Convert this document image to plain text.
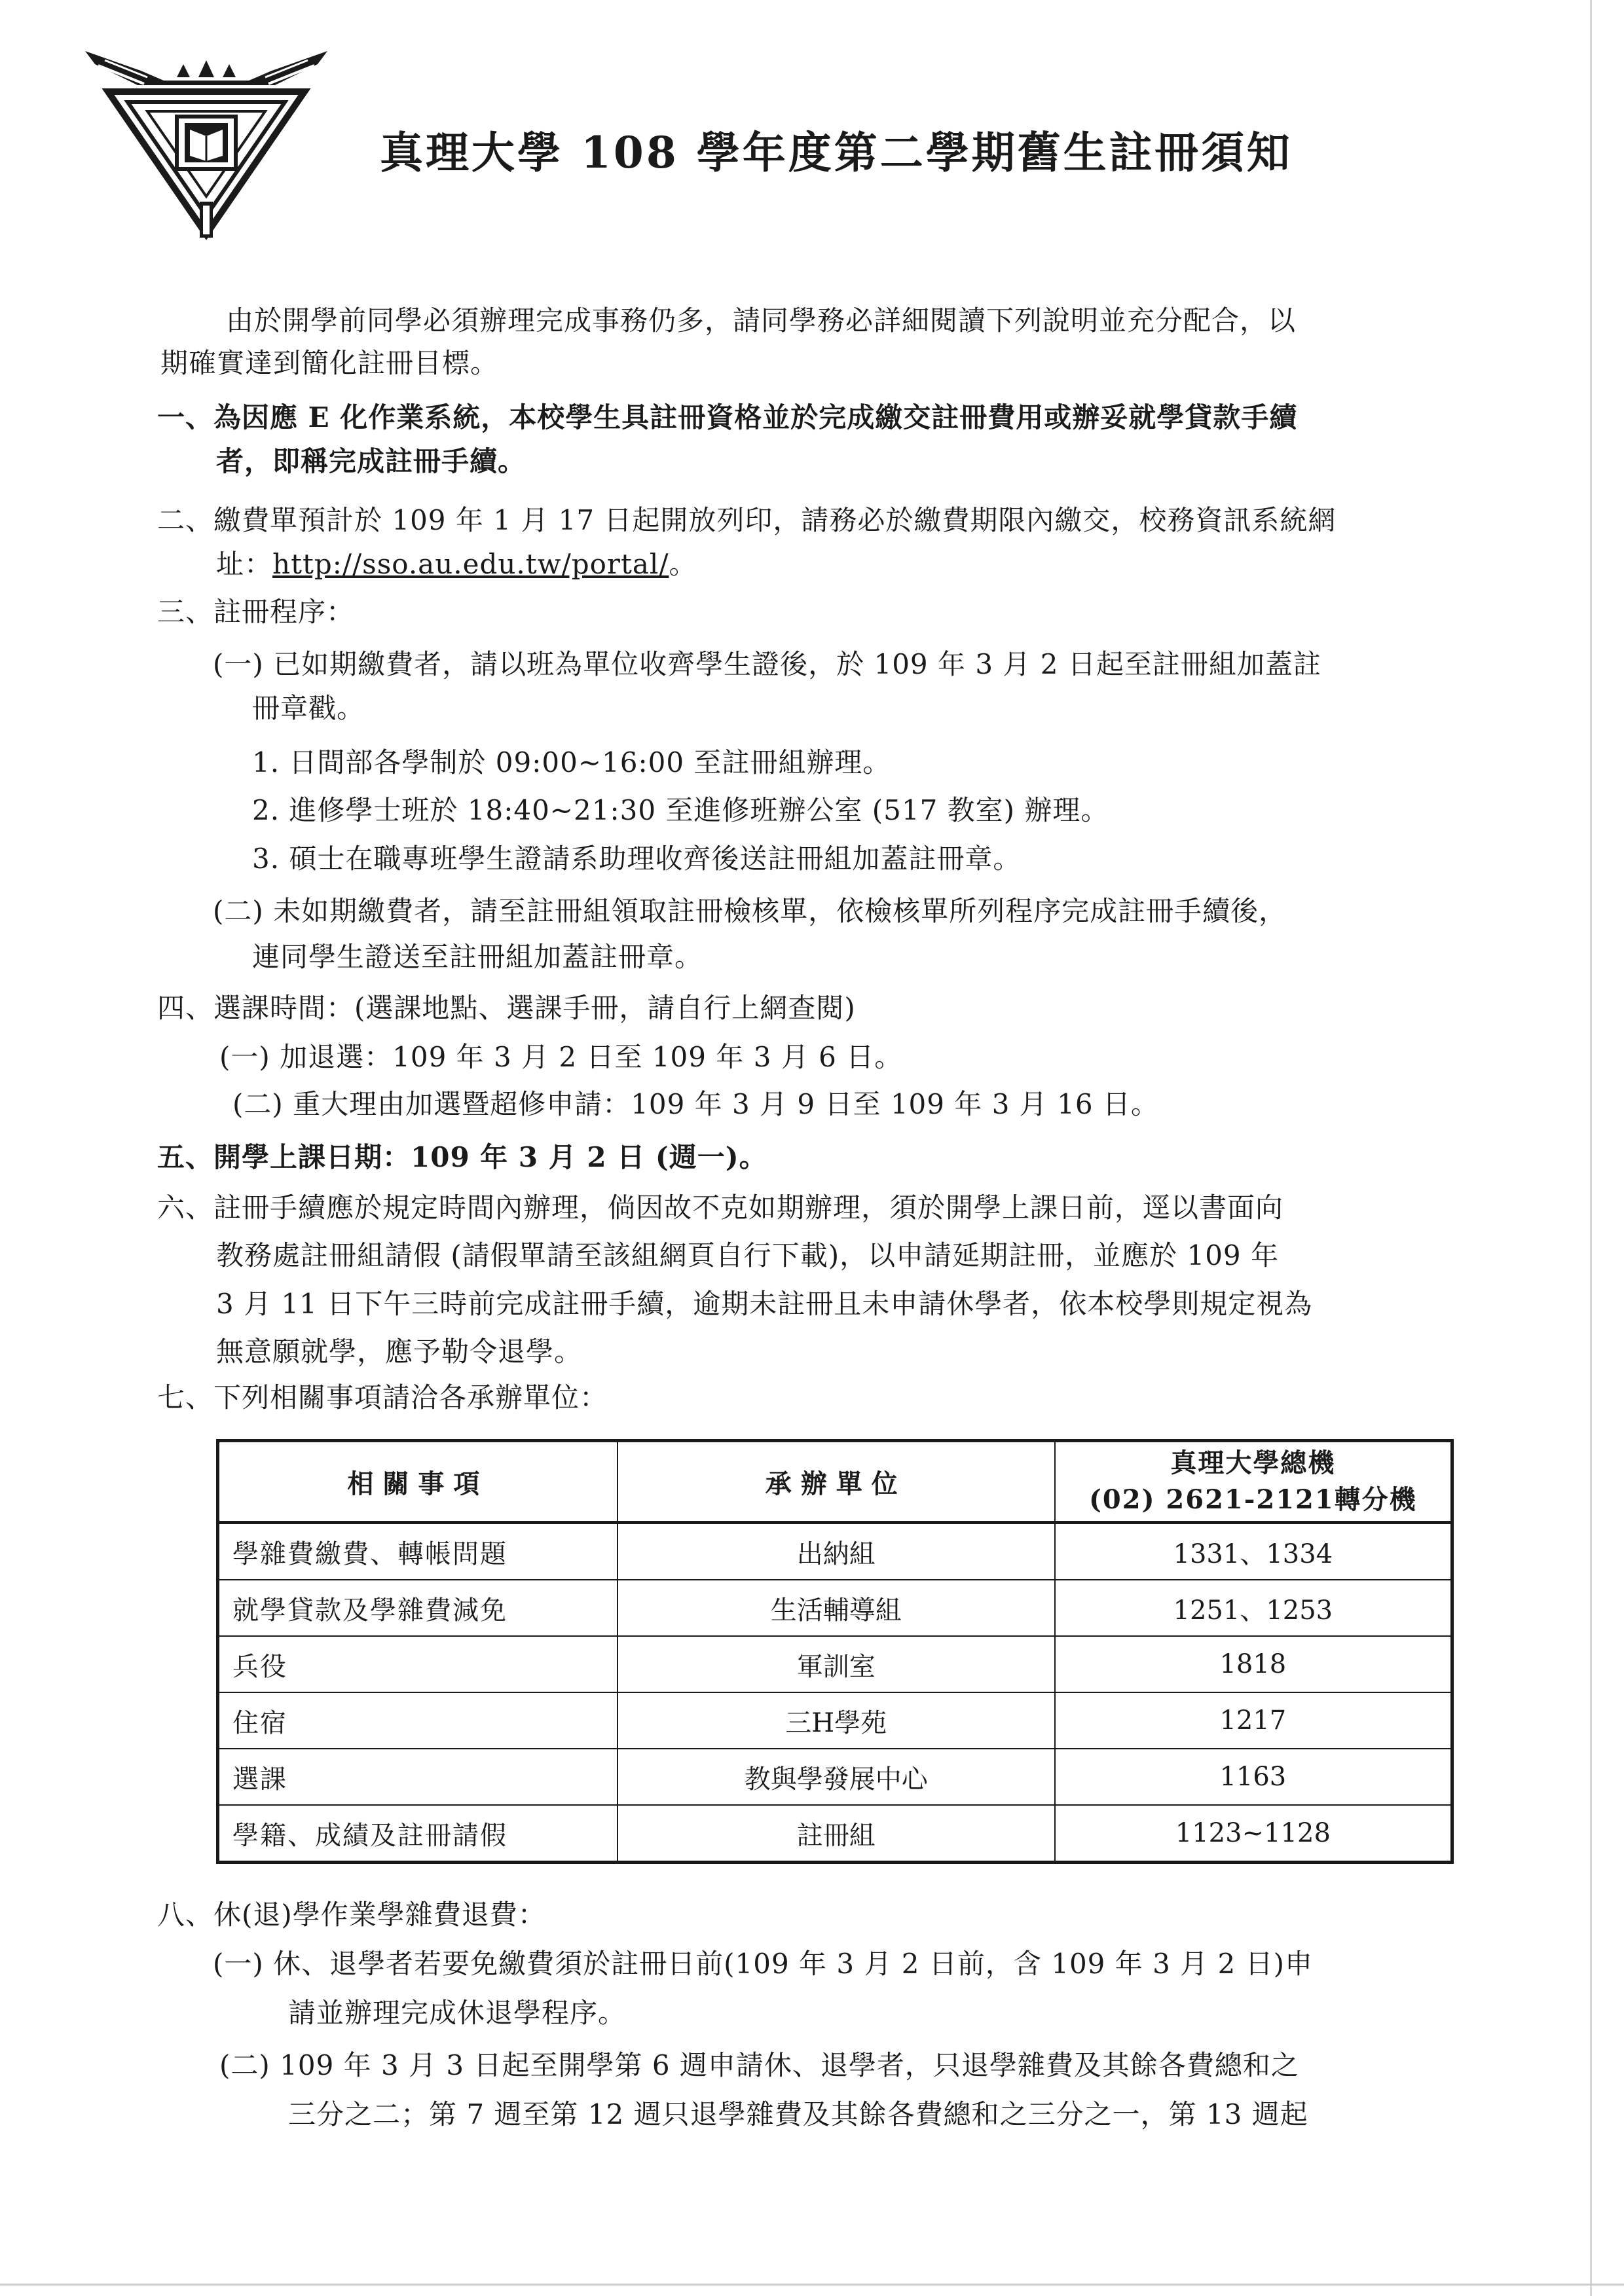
真理大學 108 學年度第二學期舊生註冊須知
由於開學前同學必須辦理完成事務仍多，請同學務必詳細閱讀下列說明並充分配合，以
期確實達到簡化註冊目標。
一、為因應 E 化作業系統，本校學生具註冊資格並於完成繳交註冊費用或辦妥就學貸款手續
者，即稱完成註冊手續。
二、繳費單預計於 109 年 1 月 17 日起開放列印，請務必於繳費期限內繳交，校務資訊系統網
址：http://sso.au.edu.tw/portal/。
三、註冊程序：
(一) 已如期繳費者，請以班為單位收齊學生證後，於 109 年 3 月 2 日起至註冊組加蓋註
冊章戳。
1. 日間部各學制於 09:00~16:00 至註冊組辦理。
2. 進修學士班於 18:40~21:30 至進修班辦公室 (517 教室) 辦理。
3. 碩士在職專班學生證請系助理收齊後送註冊組加蓋註冊章。
(二) 未如期繳費者，請至註冊組領取註冊檢核單，依檢核單所列程序完成註冊手續後，
連同學生證送至註冊組加蓋註冊章。
四、選課時間：(選課地點、選課手冊，請自行上網查閱)
(一) 加退選：109 年 3 月 2 日至 109 年 3 月 6 日。
(二) 重大理由加選暨超修申請：109 年 3 月 9 日至 109 年 3 月 16 日。
五、開學上課日期：109 年 3 月 2 日 (週一)。
六、註冊手續應於規定時間內辦理，倘因故不克如期辦理，須於開學上課日前，逕以書面向
教務處註冊組請假 (請假單請至該組網頁自行下載)，以申請延期註冊，並應於 109 年
3 月 11 日下午三時前完成註冊手續，逾期未註冊且未申請休學者，依本校學則規定視為
無意願就學，應予勒令退學。
七、下列相關事項請洽各承辦單位：
相關事項	承辦單位	真理大學總機
(02) 2621-2121轉分機

學雜費繳費、轉帳問題	出納組	1331、1334
就學貸款及學雜費減免	生活輔導組	1251、1253
兵役	軍訓室	1818
住宿	三H學苑	1217
選課	教與學發展中心	1163
學籍、成績及註冊請假	註冊組	1123~1128
八、休(退)學作業學雜費退費：
(一) 休、退學者若要免繳費須於註冊日前(109 年 3 月 2 日前，含 109 年 3 月 2 日)申
請並辦理完成休退學程序。
(二) 109 年 3 月 3 日起至開學第 6 週申請休、退學者，只退學雜費及其餘各費總和之
三分之二；第 7 週至第 12 週只退學雜費及其餘各費總和之三分之一，第 13 週起
